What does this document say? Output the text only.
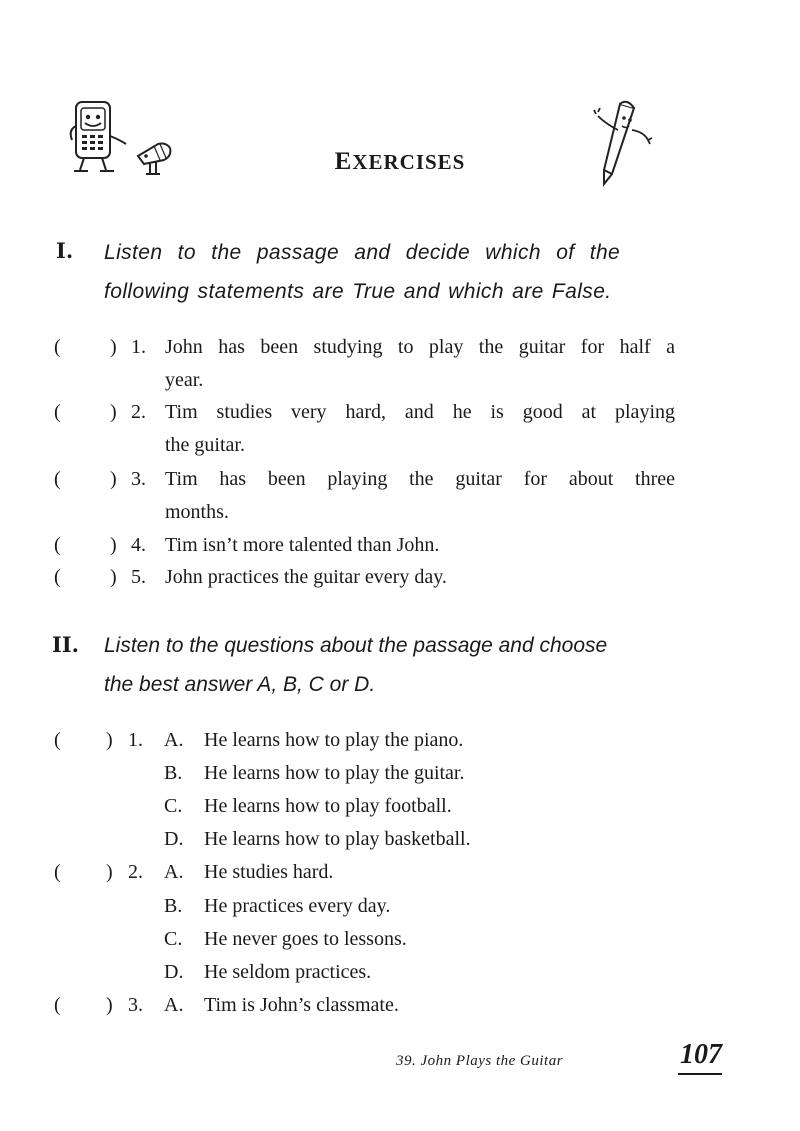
EXERCISES
I. Listen to the passage and decide which of the
following statements are True and which are False.
( ) 1. John has been studying to play the guitar for half a
year.
( ) 2. Tim studies very hard, and he is good at playing
the guitar.
( ) 3. Tim has been playing the guitar for about three
months.
( ) 4. Tim isn’t more talented than John.
( ) 5. John practices the guitar every day.
II. Listen to the questions about the passage and choose
the best answer A, B, C or D.
( ) 1. A. He learns how to play the piano.
B. He learns how to play the guitar.
C. He learns how to play football.
D. He learns how to play basketball.
( ) 2. A. He studies hard.
B. He practices every day.
C. He never goes to lessons.
D. He seldom practices.
( ) 3. A. Tim is John’s classmate.
39. John Plays the Guitar	107
